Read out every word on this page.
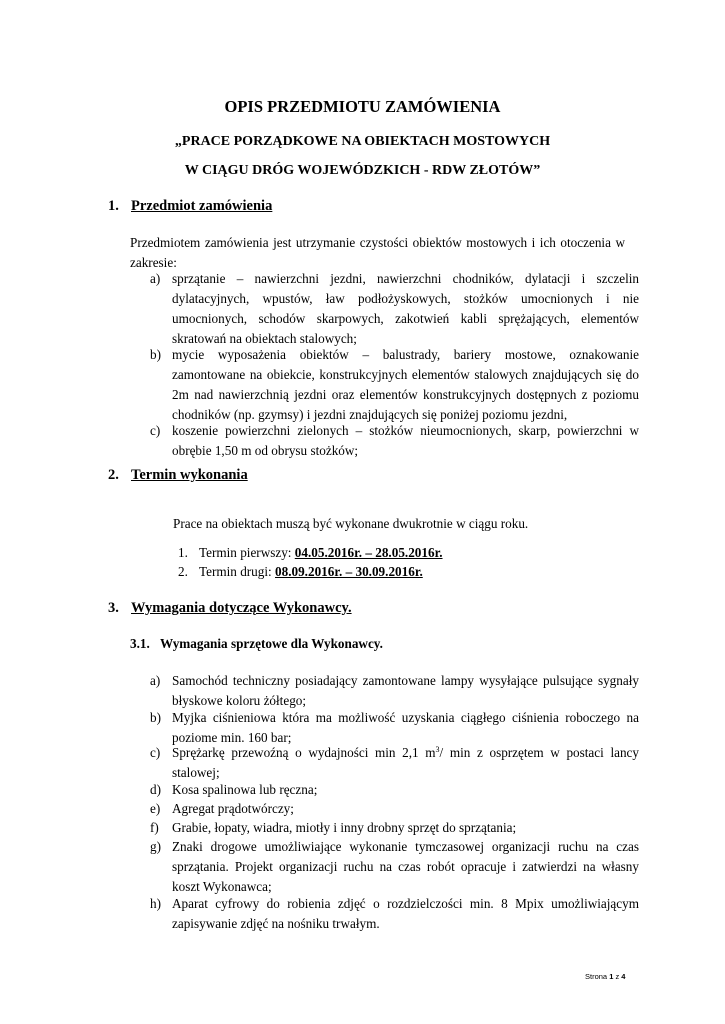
OPIS PRZEDMIOTU ZAMÓWIENIA
„PRACE PORZĄDKOWE NA OBIEKTACH MOSTOWYCH
W CIĄGU DRÓG WOJEWÓDZKICH - RDW ZŁOTÓW”
1. Przedmiot zamówienia
Przedmiotem zamówienia jest utrzymanie czystości obiektów mostowych i ich otoczenia w
zakresie:
a) sprzątanie – nawierzchni jezdni, nawierzchni chodników, dylatacji i szczelin
dylatacyjnych, wpustów, ław podłożyskowych, stożków umocnionych i nie
umocnionych, schodów skarpowych, zakotwień kabli sprężających, elementów
skratowań na obiektach stalowych;
b) mycie wyposażenia obiektów – balustrady, bariery mostowe, oznakowanie
zamontowane na obiekcie, konstrukcyjnych elementów stalowych znajdujących się do
2m nad nawierzchnią jezdni oraz elementów konstrukcyjnych dostępnych z poziomu
chodników (np. gzymsy) i jezdni znajdujących się poniżej poziomu jezdni,
c) koszenie powierzchni zielonych – stożków nieumocnionych, skarp, powierzchni w
obrębie 1,50 m od obrysu stożków;
2. Termin wykonania
Prace na obiektach muszą być wykonane dwukrotnie w ciągu roku.
1. Termin pierwszy: 04.05.2016r. – 28.05.2016r.
2. Termin drugi: 08.09.2016r. – 30.09.2016r.
3. Wymagania dotyczące Wykonawcy.
3.1. Wymagania sprzętowe dla Wykonawcy.
a) Samochód techniczny posiadający zamontowane lampy wysyłające pulsujące sygnały
błyskowe koloru żółtego;
b) Myjka ciśnieniowa która ma możliwość uzyskania ciągłego ciśnienia roboczego na
poziome min. 160 bar;
c) Sprężarkę przewoźną o wydajności min 2,1 $m^3/$ min z osprzętem w postaci lancy
stalowej;
d) Kosa spalinowa lub ręczna;
e) Agregat prądotwórczy;
f) Grabie, łopaty, wiadra, miotły i inny drobny sprzęt do sprzątania;
g) Znaki drogowe umożliwiające wykonanie tymczasowej organizacji ruchu na czas
sprzątania. Projekt organizacji ruchu na czas robót opracuje i zatwierdzi na własny
koszt Wykonawca;
h) Aparat cyfrowy do robienia zdjęć o rozdzielczości min. 8 Mpix umożliwiającym
zapisywanie zdjęć na nośniku trwałym.
Strona 1 z 4
